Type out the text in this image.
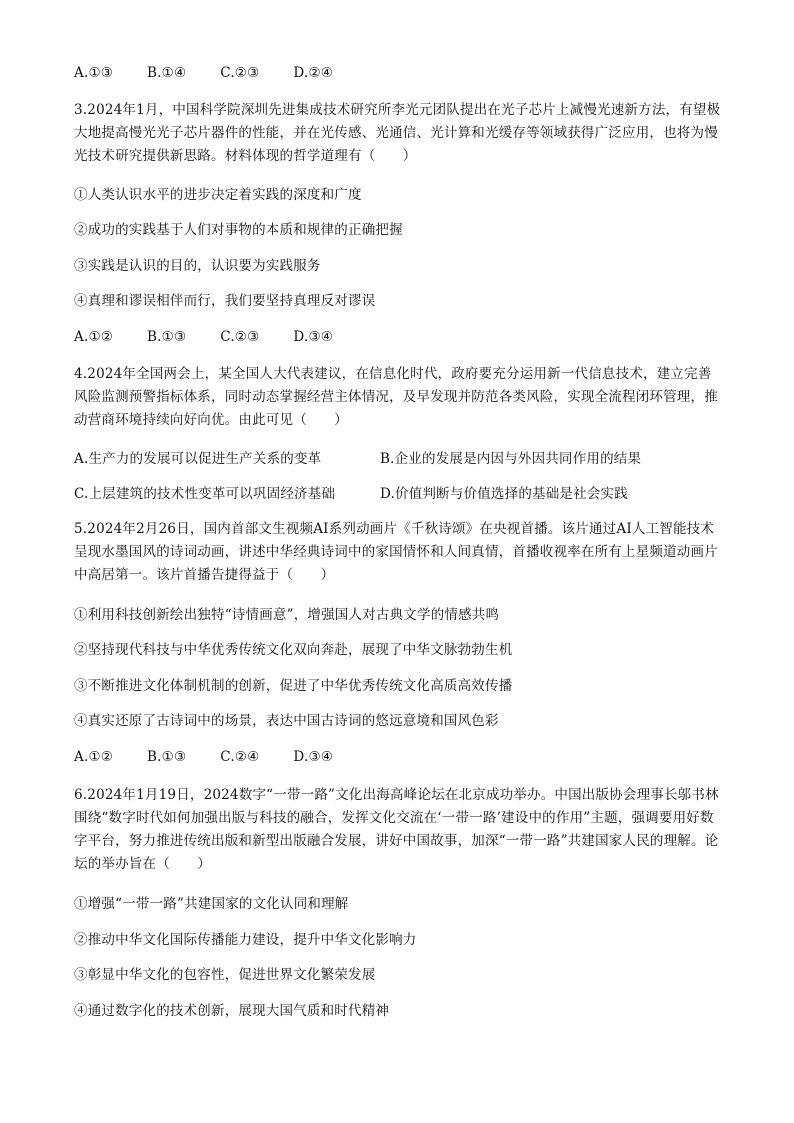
A.①③	B.①④	C.②③	D.②④
3.2024年1月，中国科学院深圳先进集成技术研究所李光元团队提出在光子芯片上减慢光速新方法，有望极大地提高慢光光子芯片器件的性能，并在光传感、光通信、光计算和光缓存等领域获得广泛应用，也将为慢光技术研究提供新思路。材料体现的哲学道理有（　　）
①人类认识水平的进步决定着实践的深度和广度
②成功的实践基于人们对事物的本质和规律的正确把握
③实践是认识的目的，认识要为实践服务
④真理和谬误相伴而行，我们要坚持真理反对谬误
A.①②	B.①③	C.②③	D.③④
4.2024年全国两会上，某全国人大代表建议，在信息化时代，政府要充分运用新一代信息技术，建立完善风险监测预警指标体系，同时动态掌握经营主体情况，及早发现并防范各类风险，实现全流程闭环管理，推动营商环境持续向好向优。由此可见（　　）
A.生产力的发展可以促进生产关系的变革	B.企业的发展是内因与外因共同作用的结果
C.上层建筑的技术性变革可以巩固经济基础	D.价值判断与价值选择的基础是社会实践
5.2024年2月26日，国内首部文生视频AI系列动画片《千秋诗颂》在央视首播。该片通过AI人工智能技术呈现水墨国风的诗词动画，讲述中华经典诗词中的家国情怀和人间真情，首播收视率在所有上星频道动画片中高居第一。该片首播告捷得益于（　　）
①利用科技创新绘出独特“诗情画意”，增强国人对古典文学的情感共鸣
②坚持现代科技与中华优秀传统文化双向奔赴，展现了中华文脉勃勃生机
③不断推进文化体制机制的创新，促进了中华优秀传统文化高质高效传播
④真实还原了古诗词中的场景，表达中国古诗词的悠远意境和国风色彩
A.①②	B.①③	C.②④	D.③④
6.2024年1月19日，2024数字“一带一路”文化出海高峰论坛在北京成功举办。中国出版协会理事长邬书林围绕“数字时代如何加强出版与科技的融合，发挥文化交流在‘一带一路’建设中的作用”主题，强调要用好数字平台，努力推进传统出版和新型出版融合发展，讲好中国故事，加深“一带一路”共建国家人民的理解。论坛的举办旨在（　　）
①增强“一带一路”共建国家的文化认同和理解
②推动中华文化国际传播能力建设，提升中华文化影响力
③彰显中华文化的包容性，促进世界文化繁荣发展
④通过数字化的技术创新，展现大国气质和时代精神
